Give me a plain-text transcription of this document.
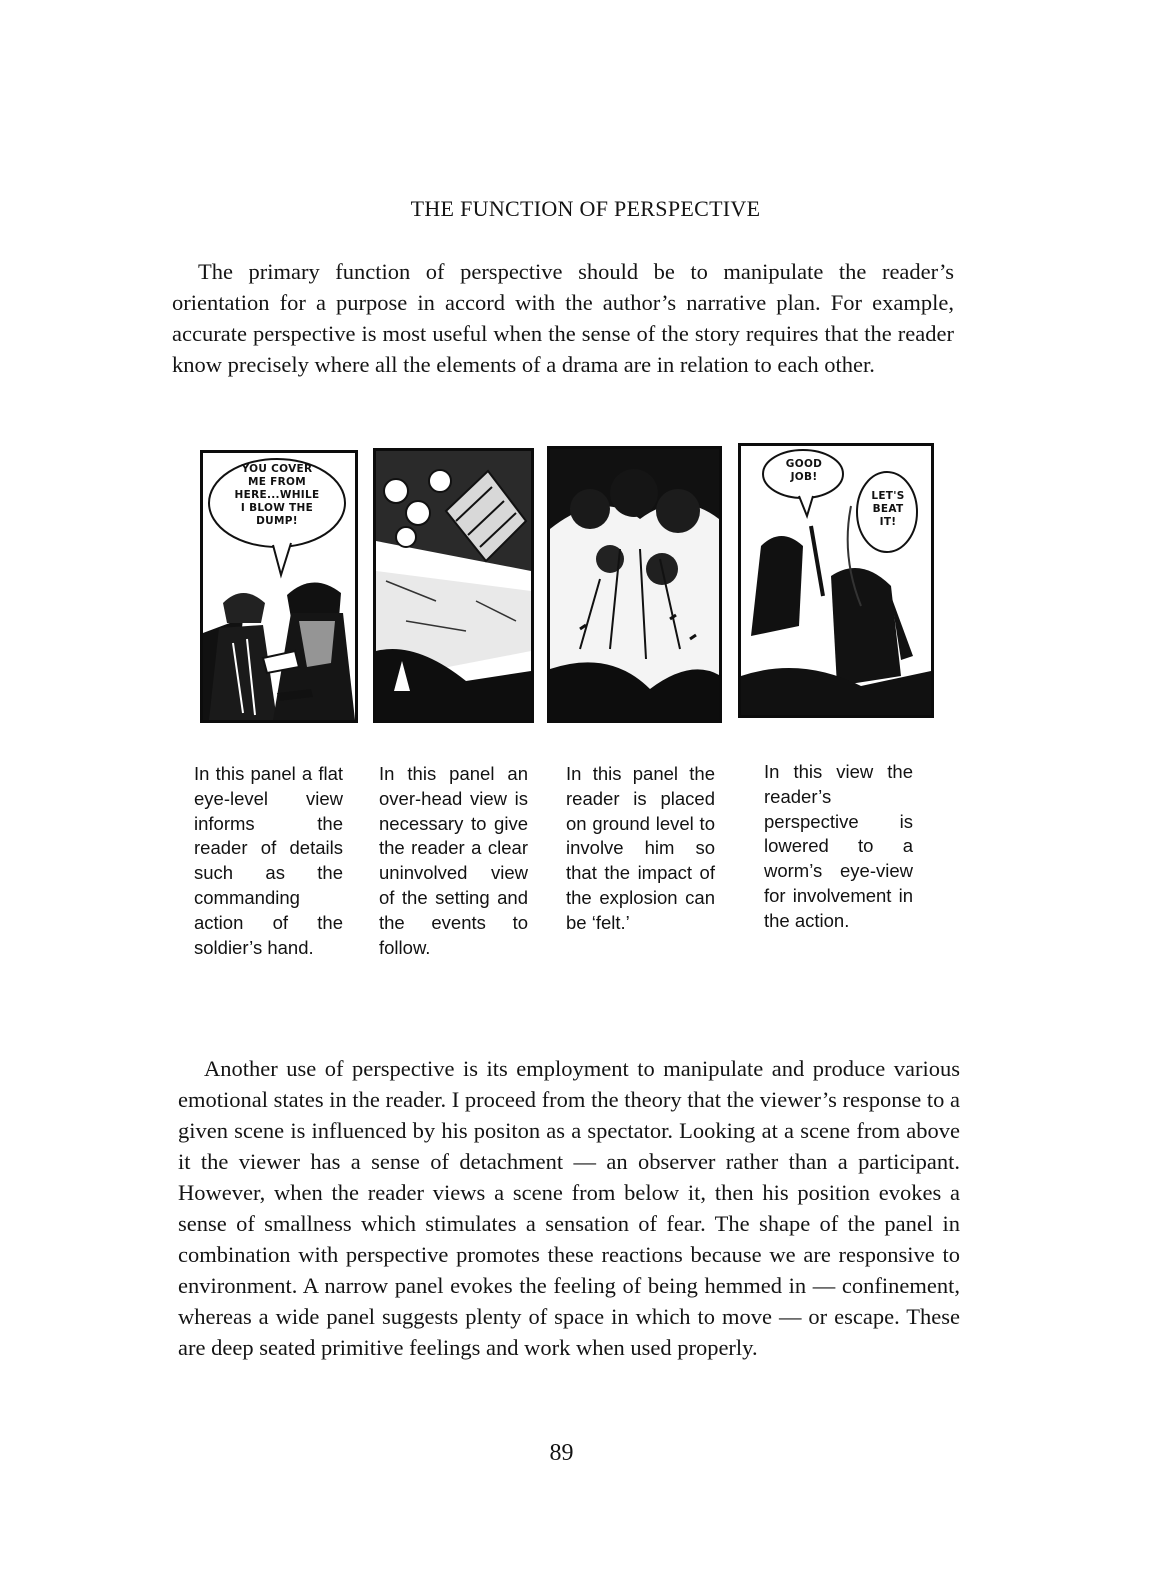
THE FUNCTION OF PERSPECTIVE

The primary function of perspective should be to manipulate the reader’s orientation for a purpose in accord with the author’s narrative plan. For example, accurate perspective is most useful when the sense of the story requires that the reader know precisely where all the elements of a drama are in relation to each other.

YOU COVER
ME FROM
HERE...WHILE
I BLOW THE
DUMP!
GOOD
JOB!
LET'S
BEAT
IT!

In this panel a flat eye-level view informs the reader of details such as the commanding action of the soldier’s hand.

In this panel an over-head view is necessary to give the reader a clear uninvolved view of the setting and the events to follow.

In this panel the reader is placed on ground level to involve him so that the impact of the explosion can be ‘felt.’

In this view the reader’s perspective is lowered to a worm’s eye-view for involvement in the action.

Another use of perspective is its employment to manipulate and produce various emotional states in the reader. I proceed from the theory that the viewer’s response to a given scene is influenced by his positon as a spectator. Looking at a scene from above it the viewer has a sense of detachment — an observer rather than a participant. However, when the reader views a scene from below it, then his position evokes a sense of smallness which stimulates a sensation of fear. The shape of the panel in combination with perspective promotes these reactions because we are responsive to environment. A narrow panel evokes the feeling of being hemmed in — confinement, whereas a wide panel suggests plenty of space in which to move — or escape. These are deep seated primitive feelings and work when used properly.

89
